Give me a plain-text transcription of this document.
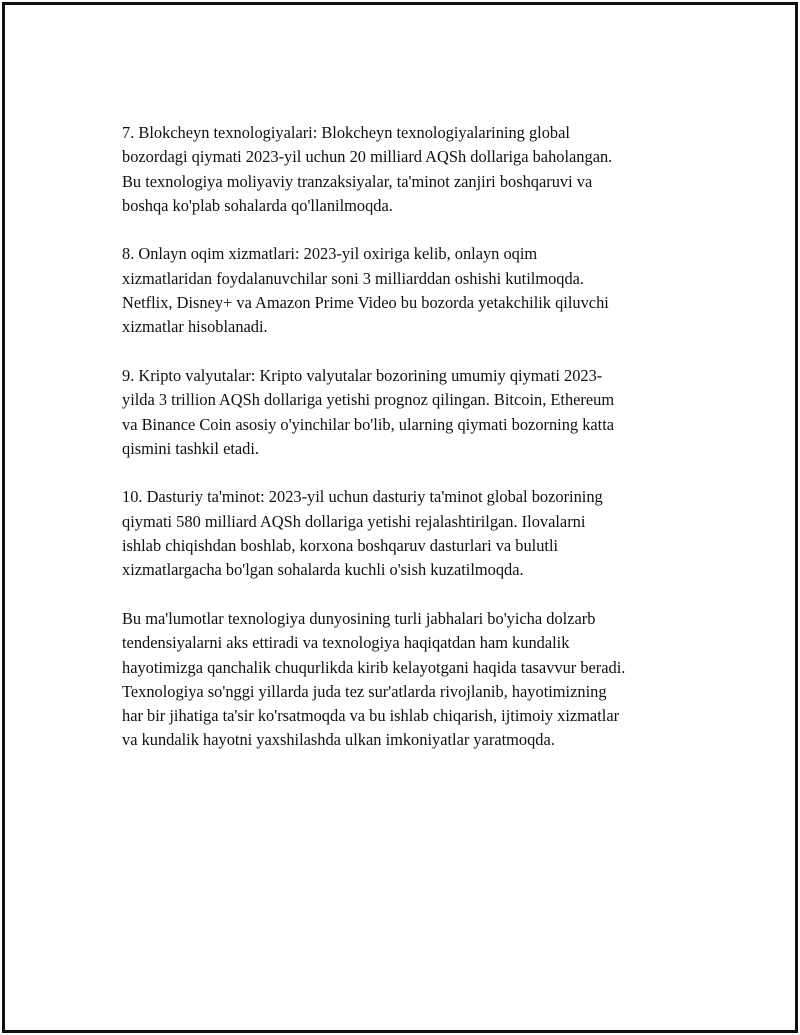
7. Blokcheyn texnologiyalari: Blokcheyn texnologiyalarining global
bozordagi qiymati 2023-yil uchun 20 milliard AQSh dollariga baholangan.
Bu texnologiya moliyaviy tranzaksiyalar, ta'minot zanjiri boshqaruvi va
boshqa ko'plab sohalarda qo'llanilmoqda.

8. Onlayn oqim xizmatlari: 2023-yil oxiriga kelib, onlayn oqim
xizmatlaridan foydalanuvchilar soni 3 milliarddan oshishi kutilmoqda.
Netflix, Disney+ va Amazon Prime Video bu bozorda yetakchilik qiluvchi
xizmatlar hisoblanadi.

9. Kripto valyutalar: Kripto valyutalar bozorining umumiy qiymati 2023-
yilda 3 trillion AQSh dollariga yetishi prognoz qilingan. Bitcoin, Ethereum
va Binance Coin asosiy o'yinchilar bo'lib, ularning qiymati bozorning katta
qismini tashkil etadi.

10. Dasturiy ta'minot: 2023-yil uchun dasturiy ta'minot global bozorining
qiymati 580 milliard AQSh dollariga yetishi rejalashtirilgan. Ilovalarni
ishlab chiqishdan boshlab, korxona boshqaruv dasturlari va bulutli
xizmatlargacha bo'lgan sohalarda kuchli o'sish kuzatilmoqda.

Bu ma'lumotlar texnologiya dunyosining turli jabhalari bo'yicha dolzarb
tendensiyalarni aks ettiradi va texnologiya haqiqatdan ham kundalik
hayotimizga qanchalik chuqurlikda kirib kelayotgani haqida tasavvur beradi.
Texnologiya so'nggi yillarda juda tez sur'atlarda rivojlanib, hayotimizning
har bir jihatiga ta'sir ko'rsatmoqda va bu ishlab chiqarish, ijtimoiy xizmatlar
va kundalik hayotni yaxshilashda ulkan imkoniyatlar yaratmoqda.
